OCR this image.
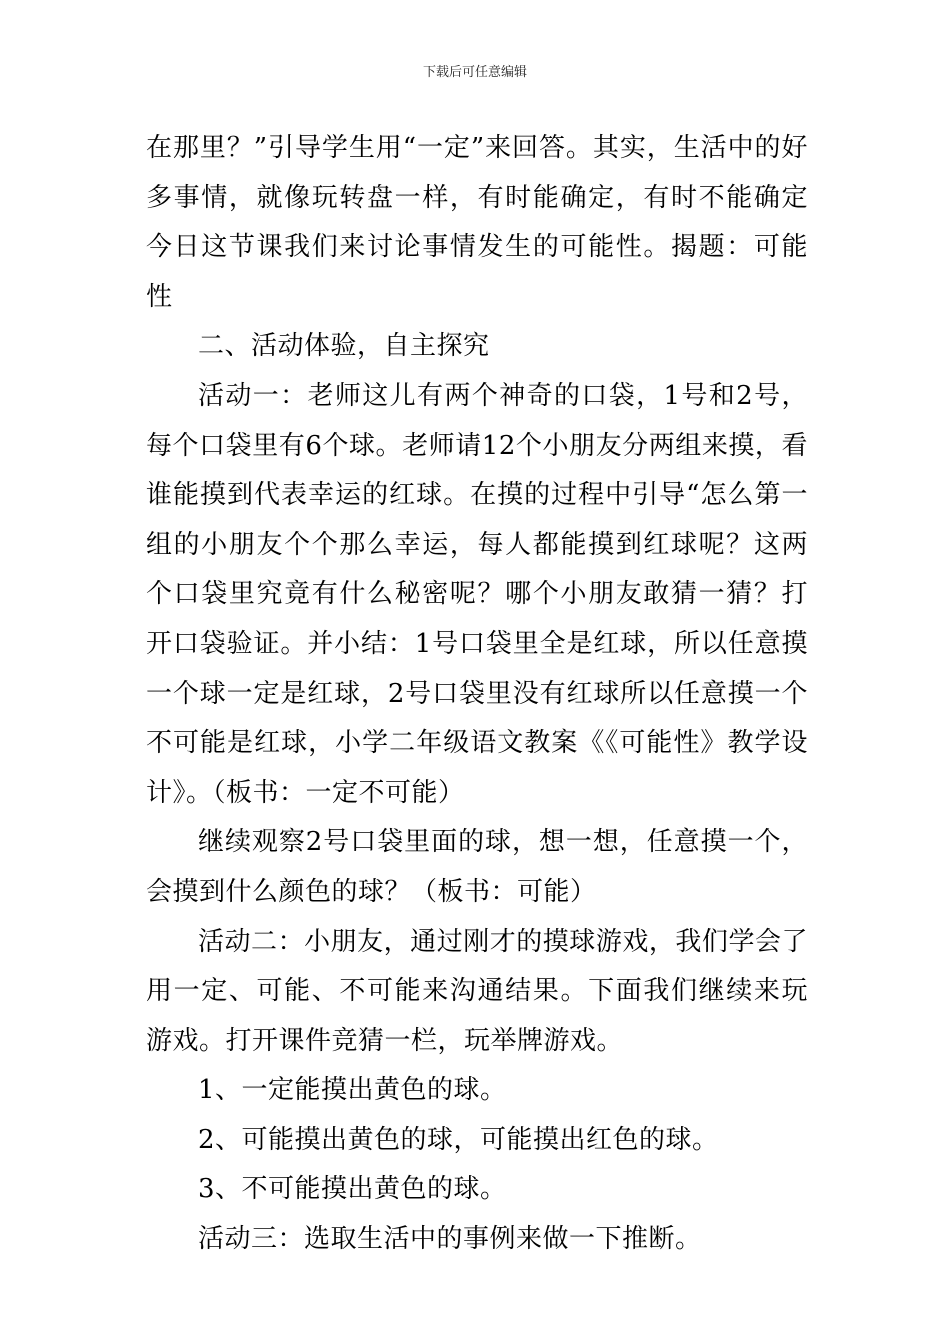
下载后可任意编辑

在那里？”引导学生用“一定”来回答。其实，生活中的好多事情，就像玩转盘一样，有时能确定，有时不能确定今日这节课我们来讨论事情发生的可能性。揭题：可能性

二、活动体验，自主探究

活动一：老师这儿有两个神奇的口袋，1号和2号，每个口袋里有6个球。老师请12个小朋友分两组来摸，看谁能摸到代表幸运的红球。在摸的过程中引导“怎么第一组的小朋友个个那么幸运，每人都能摸到红球呢？这两个口袋里究竟有什么秘密呢？哪个小朋友敢猜一猜？打开口袋验证。并小结：1号口袋里全是红球，所以任意摸一个球一定是红球，2号口袋里没有红球所以任意摸一个不可能是红球，小学二年级语文教案《《可能性》教学设计》。（板书：一定不可能）

继续观察2号口袋里面的球，想一想，任意摸一个，会摸到什么颜色的球？（板书：可能）

活动二：小朋友，通过刚才的摸球游戏，我们学会了用一定、可能、不可能来沟通结果。下面我们继续来玩游戏。打开课件竞猜一栏，玩举牌游戏。

1、一定能摸出黄色的球。

2、可能摸出黄色的球，可能摸出红色的球。

3、不可能摸出黄色的球。

活动三：选取生活中的事例来做一下推断。
